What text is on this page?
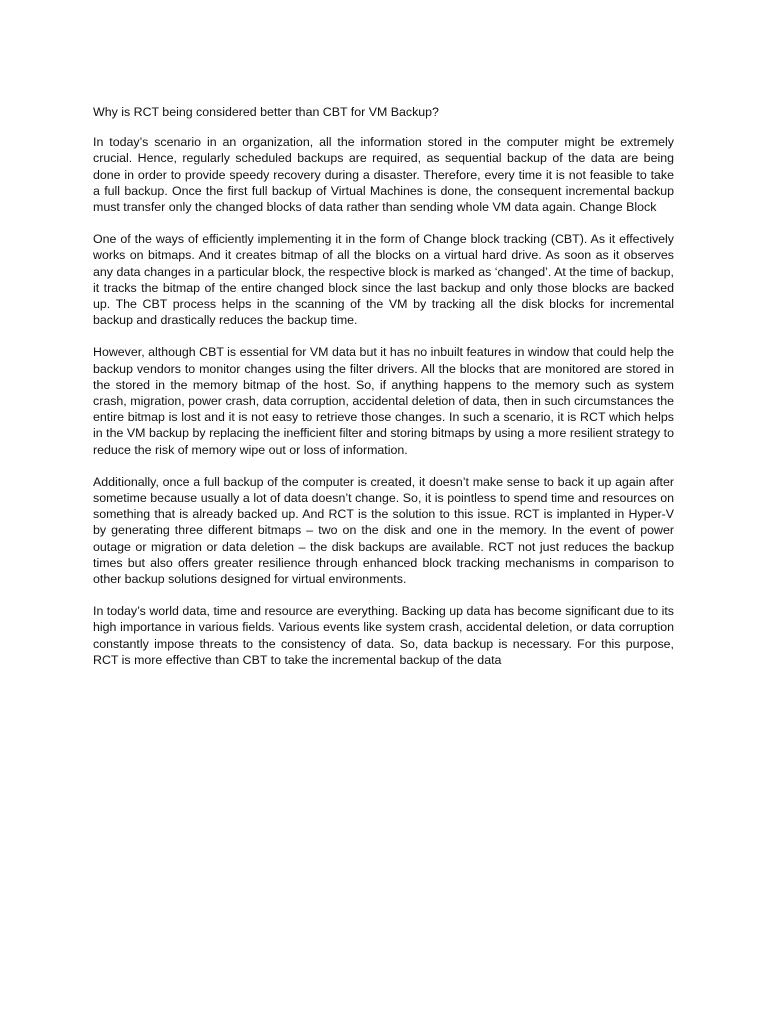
Why is RCT being considered better than CBT for VM Backup?

In today’s scenario in an organization, all the information stored in the computer might be extremely crucial. Hence, regularly scheduled backups are required, as sequential backup of the data are being done in order to provide speedy recovery during a disaster. Therefore, every time it is not feasible to take a full backup. Once the first full backup of Virtual Machines is done, the consequent incremental backup must transfer only the changed blocks of data rather than sending whole VM data again. Change Block

One of the ways of efficiently implementing it in the form of Change block tracking (CBT). As it effectively works on bitmaps. And it creates bitmap of all the blocks on a virtual hard drive. As soon as it observes any data changes in a particular block, the respective block is marked as ‘changed’. At the time of backup, it tracks the bitmap of the entire changed block since the last backup and only those blocks are backed up. The CBT process helps in the scanning of the VM by tracking all the disk blocks for incremental backup and drastically reduces the backup time.

However, although CBT is essential for VM data but it has no inbuilt features in window that could help the backup vendors to monitor changes using the filter drivers. All the blocks that are monitored are stored in the stored in the memory bitmap of the host. So, if anything happens to the memory such as system crash, migration, power crash, data corruption, accidental deletion of data, then in such circumstances the entire bitmap is lost and it is not easy to retrieve those changes. In such a scenario, it is RCT which helps in the VM backup by replacing the inefficient filter and storing bitmaps by using a more resilient strategy to reduce the risk of memory wipe out or loss of information.

Additionally, once a full backup of the computer is created, it doesn’t make sense to back it up again after sometime because usually a lot of data doesn’t change. So, it is pointless to spend time and resources on something that is already backed up. And RCT is the solution to this issue. RCT is implanted in Hyper-V by generating three different bitmaps – two on the disk and one in the memory. In the event of power outage or migration or data deletion – the disk backups are available. RCT not just reduces the backup times but also offers greater resilience through enhanced block tracking mechanisms in comparison to other backup solutions designed for virtual environments.

In today’s world data, time and resource are everything. Backing up data has become significant due to its high importance in various fields. Various events like system crash, accidental deletion, or data corruption constantly impose threats to the consistency of data. So, data backup is necessary. For this purpose, RCT is more effective than CBT to take the incremental backup of the data
